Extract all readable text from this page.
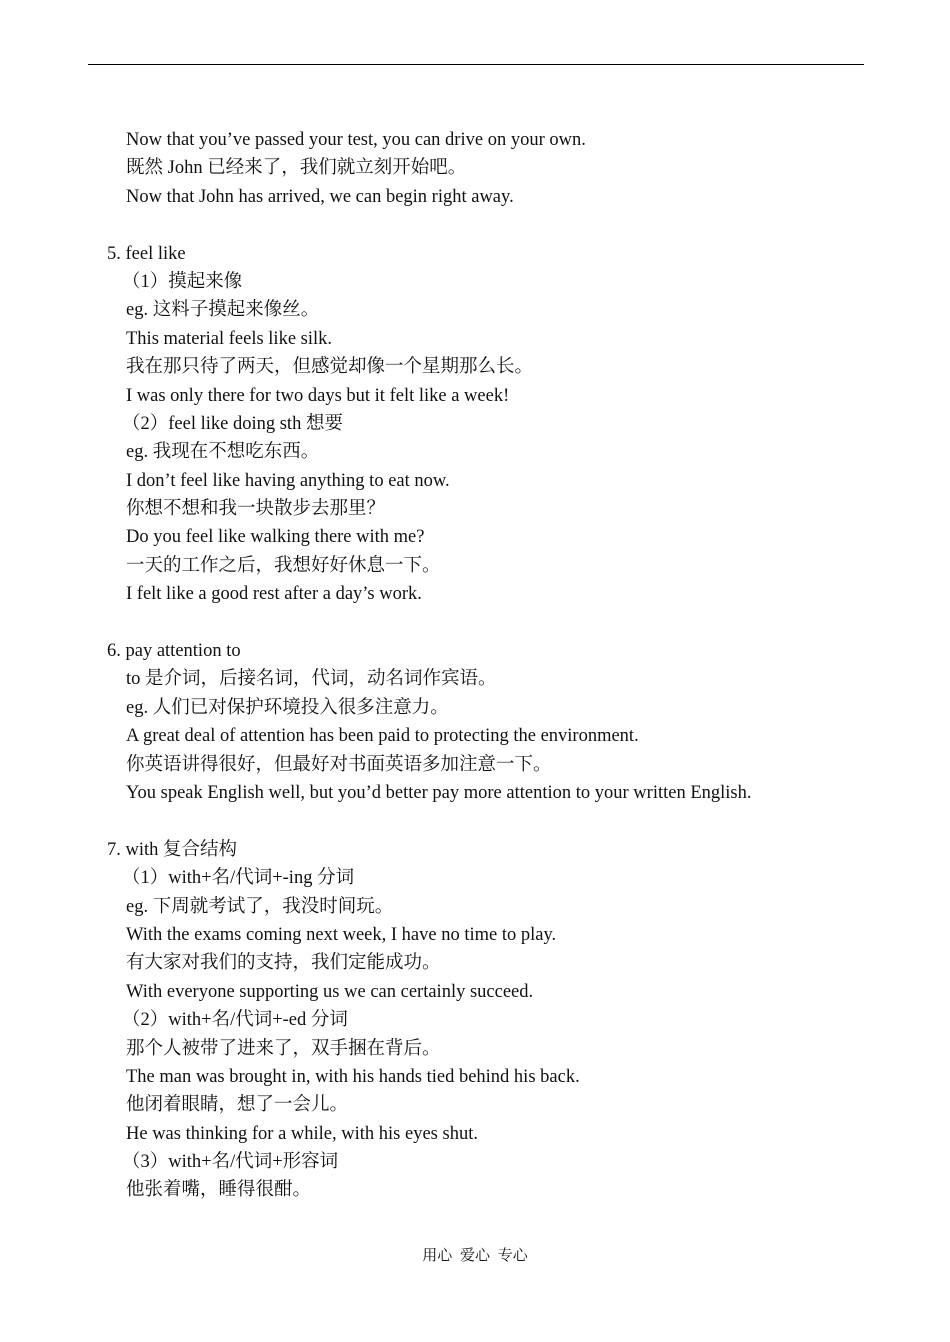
Now that you’ve passed your test, you can drive on your own.
既然 John 已经来了，我们就立刻开始吧。
Now that John has arrived, we can begin right away.
5. feel like
（1）摸起来像
eg. 这料子摸起来像丝。
This material feels like silk.
我在那只待了两天，但感觉却像一个星期那么长。
I was only there for two days but it felt like a week!
（2）feel like doing sth 想要
eg. 我现在不想吃东西。
I don’t feel like having anything to eat now.
你想不想和我一块散步去那里？
Do you feel like walking there with me?
一天的工作之后，我想好好休息一下。
I felt like a good rest after a day’s work.
6. pay attention to
to 是介词，后接名词，代词，动名词作宾语。
eg. 人们已对保护环境投入很多注意力。
A great deal of attention has been paid to protecting the environment.
你英语讲得很好，但最好对书面英语多加注意一下。
You speak English well, but you’d better pay more attention to your written English.
7. with 复合结构
（1）with+名/代词+-ing 分词
eg. 下周就考试了，我没时间玩。
With the exams coming next week, I have no time to play.
有大家对我们的支持，我们定能成功。
With everyone supporting us we can certainly succeed.
（2）with+名/代词+-ed 分词
那个人被带了进来了，双手捆在背后。
The man was brought in, with his hands tied behind his back.
他闭着眼睛，想了一会儿。
He was thinking for a while, with his eyes shut.
（3）with+名/代词+形容词
他张着嘴，睡得很酣。
用心 爱心 专心
